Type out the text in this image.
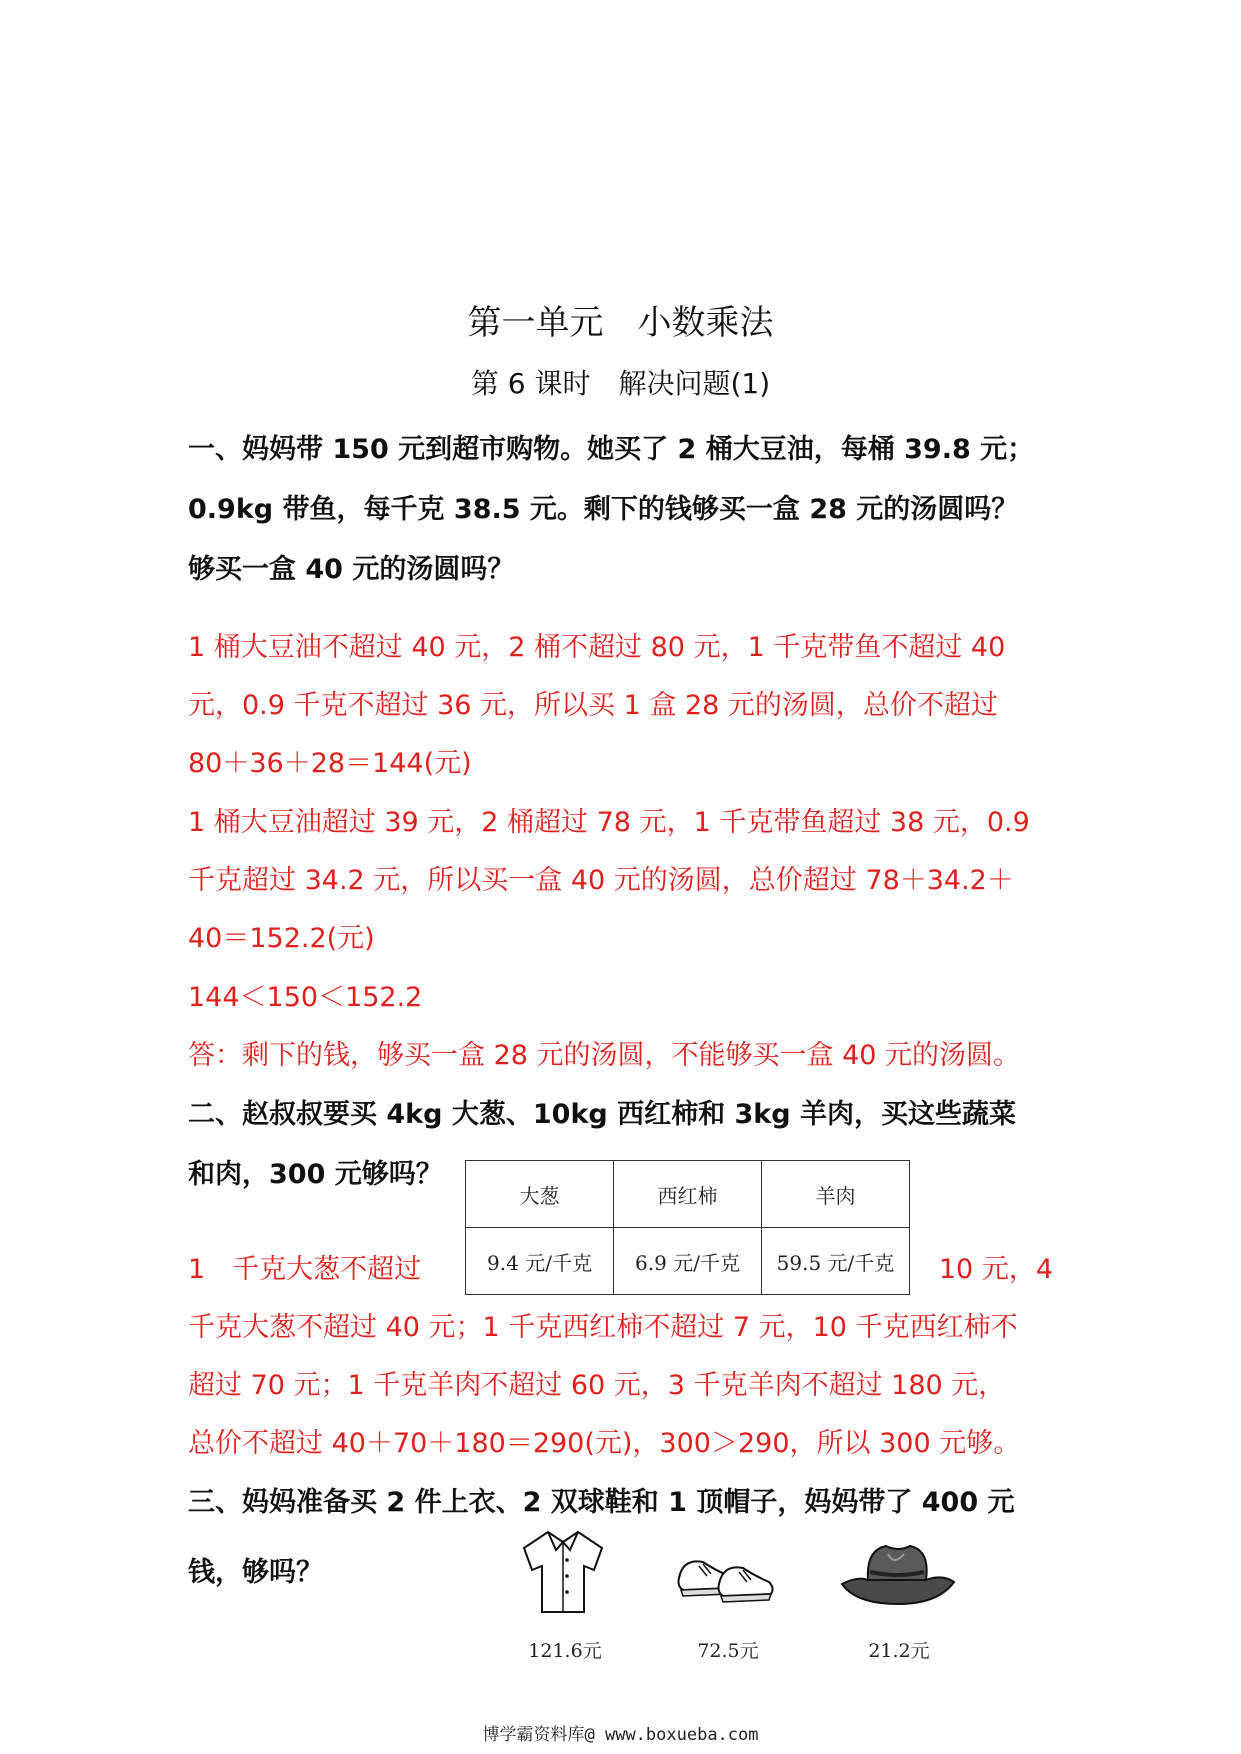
第一单元　小数乘法
第 6 课时　解决问题(1)
一、妈妈带 150 元到超市购物。她买了 2 桶大豆油，每桶 39.8 元；
0.9kg 带鱼，每千克 38.5 元。剩下的钱够买一盒 28 元的汤圆吗？
够买一盒 40 元的汤圆吗？
1 桶大豆油不超过 40 元，2 桶不超过 80 元，1 千克带鱼不超过 40
元，0.9 千克不超过 36 元，所以买 1 盒 28 元的汤圆，总价不超过
80＋36＋28＝144(元)
1 桶大豆油超过 39 元，2 桶超过 78 元，1 千克带鱼超过 38 元，0.9
千克超过 34.2 元，所以买一盒 40 元的汤圆，总价超过 78＋34.2＋
40＝152.2(元)
144＜150＜152.2
答：剩下的钱，够买一盒 28 元的汤圆，不能够买一盒 40 元的汤圆。
二、赵叔叔要买 4kg 大葱、10kg 西红柿和 3kg 羊肉，买这些蔬菜
和肉，300 元够吗？
大葱	西红柿	羊肉
9.4 元/千克	6.9 元/千克	59.5 元/千克
1　千克大葱不超过	10 元，4
千克大葱不超过 40 元；1 千克西红柿不超过 7 元，10 千克西红柿不
超过 70 元；1 千克羊肉不超过 60 元，3 千克羊肉不超过 180 元，
总价不超过 40＋70＋180＝290(元)，300＞290，所以 300 元够。
三、妈妈准备买 2 件上衣、2 双球鞋和 1 顶帽子，妈妈带了 400 元
钱，够吗？
121.6元	72.5元	21.2元
博学霸资料库@ www.boxueba.com
